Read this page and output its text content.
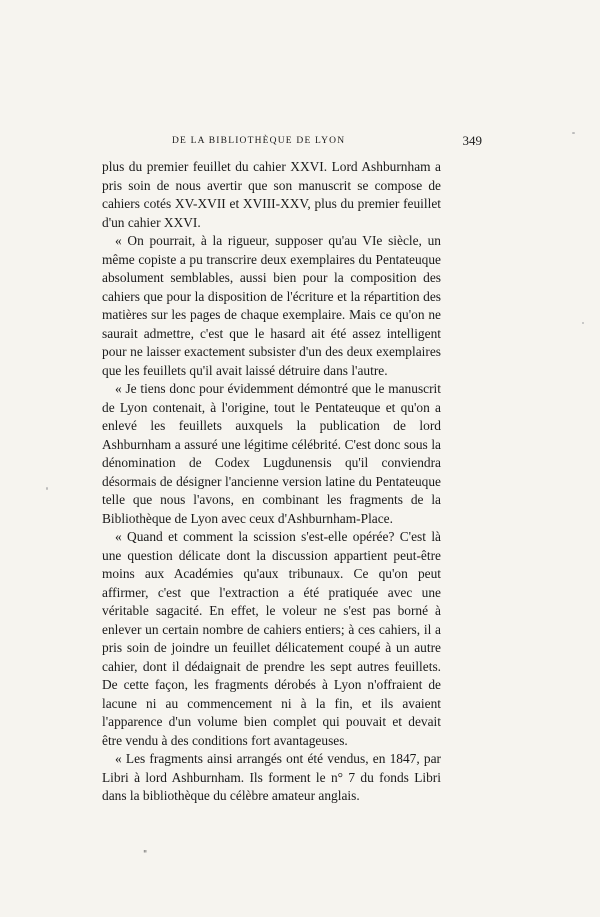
DE LA BIBLIOTHÈQUE DE LYON	349

plus du premier feuillet du cahier XXVI. Lord Ashburnham a pris soin de nous avertir que son manuscrit se compose de cahiers cotés XV-XVII et XVIII-XXV, plus du premier feuillet d'un cahier XXVI.

« On pourrait, à la rigueur, supposer qu'au VIe siècle, un même copiste a pu transcrire deux exemplaires du Pentateuque absolument semblables, aussi bien pour la composition des cahiers que pour la disposition de l'écriture et la répartition des matières sur les pages de chaque exemplaire. Mais ce qu'on ne saurait admettre, c'est que le hasard ait été assez intelligent pour ne laisser exactement subsister d'un des deux exemplaires que les feuillets qu'il avait laissé détruire dans l'autre.

« Je tiens donc pour évidemment démontré que le manuscrit de Lyon contenait, à l'origine, tout le Pentateuque et qu'on a enlevé les feuillets auxquels la publication de lord Ashburnham a assuré une légitime célébrité. C'est donc sous la dénomination de Codex Lugdunensis qu'il conviendra désormais de désigner l'ancienne version latine du Pentateuque telle que nous l'avons, en combinant les fragments de la Bibliothèque de Lyon avec ceux d'Ashburnham-Place.

« Quand et comment la scission s'est-elle opérée? C'est là une question délicate dont la discussion appartient peut-être moins aux Académies qu'aux tribunaux. Ce qu'on peut affirmer, c'est que l'extraction a été pratiquée avec une véritable sagacité. En effet, le voleur ne s'est pas borné à enlever un certain nombre de cahiers entiers; à ces cahiers, il a pris soin de joindre un feuillet délicatement coupé à un autre cahier, dont il dédaignait de prendre les sept autres feuillets. De cette façon, les fragments dérobés à Lyon n'offraient de lacune ni au commencement ni à la fin, et ils avaient l'apparence d'un volume bien complet qui pouvait et devait être vendu à des conditions fort avantageuses.

« Les fragments ainsi arrangés ont été vendus, en 1847, par Libri à lord Ashburnham. Ils forment le n° 7 du fonds Libri dans la bibliothèque du célèbre amateur anglais.

"
